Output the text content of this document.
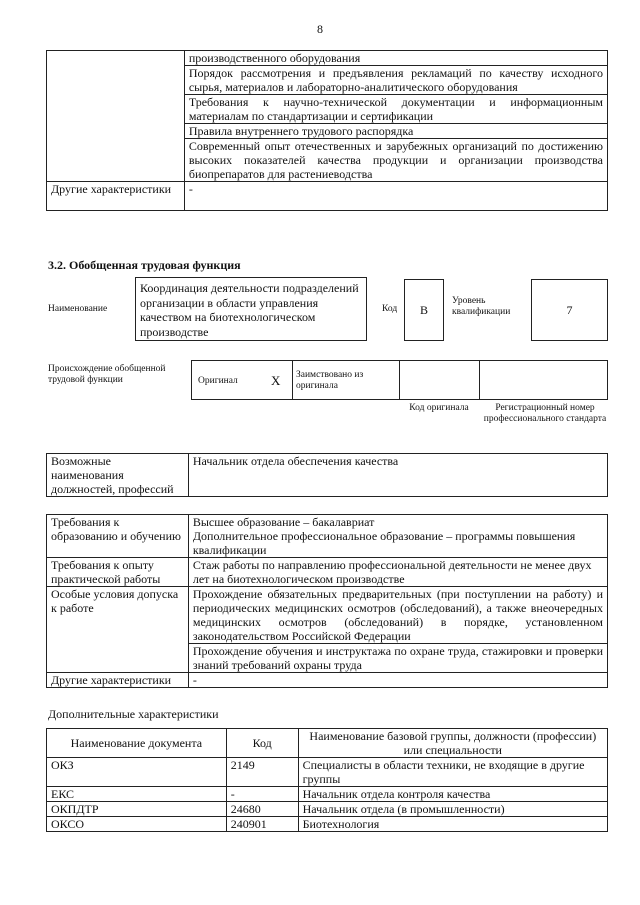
8
	производственного оборудования
	Порядок рассмотрения и предъявления рекламаций по качеству исходного сырья, материалов и лабораторно-аналитического оборудования
	Требования к научно-технической документации и информационным материалам по стандартизации и сертификации
	Правила внутреннего трудового распорядка
	Современный опыт отечественных и зарубежных организаций по достижению высоких показателей качества продукции и организации производства биопрепаратов для растениеводства
Другие характеристики	-
3.2. Обобщенная трудовая функция
Наименование
Координация деятельности подразделений организации в области управления качеством на биотехнологическом производстве
Код B
Уровень квалификации	7
Происхождение обобщенной трудовой функции	Оригинал	X Заимствовано из оригинала
Код оригинала	Регистрационный номер профессионального стандарта
Возможные наименования должностей, профессий	Начальник отдела обеспечения качества
Требования к образованию и обучению	Высшее образование – бакалавриат
Дополнительное профессиональное образование – программы повышения квалификации

Требования к опыту практической работы	Стаж работы по направлению профессиональной деятельности не менее двух лет на биотехнологическом производстве
Особые условия допуска к работе	Прохождение обязательных предварительных (при поступлении на работу) и периодических медицинских осмотров (обследований), а также внеочередных медицинских осмотров (обследований) в порядке, установленном законодательством Российской Федерации
	Прохождение обучения и инструктажа по охране труда, стажировки и проверки знаний требований охраны труда
Другие характеристики	-
Дополнительные характеристики
Наименование документа	Код	Наименование базовой группы, должности (профессии) или специальности
ОКЗ	2149	Специалисты в области техники, не входящие в другие группы
ЕКС	-	Начальник отдела контроля качества
ОКПДТР	24680	Начальник отдела (в промышленности)
ОКСО	240901	Биотехнология
